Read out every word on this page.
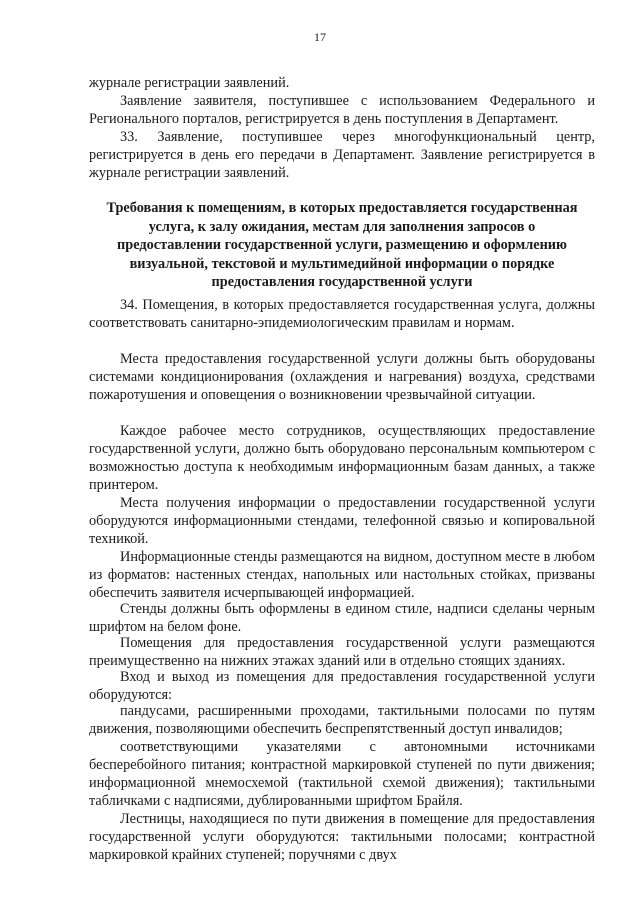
17
журнале регистрации заявлений.
Заявление заявителя, поступившее с использованием Федерального и Регионального порталов, регистрируется в день поступления в Департамент.
33. Заявление, поступившее через многофункциональный центр, регистрируется в день его передачи в Департамент. Заявление регистрируется в журнале регистрации заявлений.
Требования к помещениям, в которых предоставляется государственная услуга, к залу ожидания, местам для заполнения запросов о предоставлении государственной услуги, размещению и оформлению визуальной, текстовой и мультимедийной информации о порядке предоставления государственной услуги
34. Помещения, в которых предоставляется государственная услуга, должны соответствовать санитарно-эпидемиологическим правилам и нормам.
Места предоставления государственной услуги должны быть оборудованы системами кондиционирования (охлаждения и нагревания) воздуха, средствами пожаротушения и оповещения о возникновении чрезвычайной ситуации.
Каждое рабочее место сотрудников, осуществляющих предоставление государственной услуги, должно быть оборудовано персональным компьютером с возможностью доступа к необходимым информационным базам данных, а также принтером.
Места получения информации о предоставлении государственной услуги оборудуются информационными стендами, телефонной связью и копировальной техникой.
Информационные стенды размещаются на видном, доступном месте в любом из форматов: настенных стендах, напольных или настольных стойках, призваны обеспечить заявителя исчерпывающей информацией.
Стенды должны быть оформлены в едином стиле, надписи сделаны черным шрифтом на белом фоне.
Помещения для предоставления государственной услуги размещаются преимущественно на нижних этажах зданий или в отдельно стоящих зданиях.
Вход и выход из помещения для предоставления государственной услуги оборудуются:
пандусами, расширенными проходами, тактильными полосами по путям движения, позволяющими обеспечить беспрепятственный доступ инвалидов;
соответствующими указателями с автономными источниками бесперебойного питания; контрастной маркировкой ступеней по пути движения; информационной мнемосхемой (тактильной схемой движения); тактильными табличками с надписями, дублированными шрифтом Брайля.
Лестницы, находящиеся по пути движения в помещение для предоставления государственной услуги оборудуются: тактильными полосами; контрастной маркировкой крайних ступеней; поручнями с двух
